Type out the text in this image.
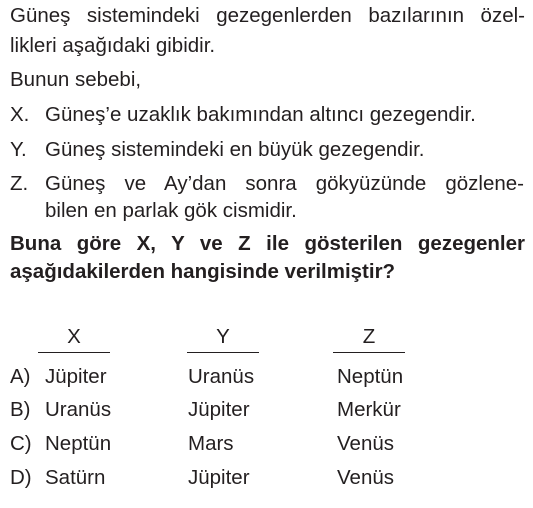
Güneş sistemindeki gezegenlerden bazılarının özel-
likleri aşağıdaki gibidir.
Bunun sebebi,
X. Güneş’e uzaklık bakımından altıncı gezegendir.
Y. Güneş sistemindeki en büyük gezegendir.
Z. Güneş ve Ay’dan sonra gökyüzünde gözlene-
bilen en parlak gök cismidir.
Buna göre X, Y ve Z ile gösterilen gezegenler
aşağıdakilerden hangisinde verilmiştir?
X	Y	Z
A) Jüpiter	Uranüs	Neptün
B) Uranüs	Jüpiter	Merkür
C) Neptün	Mars	Venüs
D) Satürn	Jüpiter	Venüs
